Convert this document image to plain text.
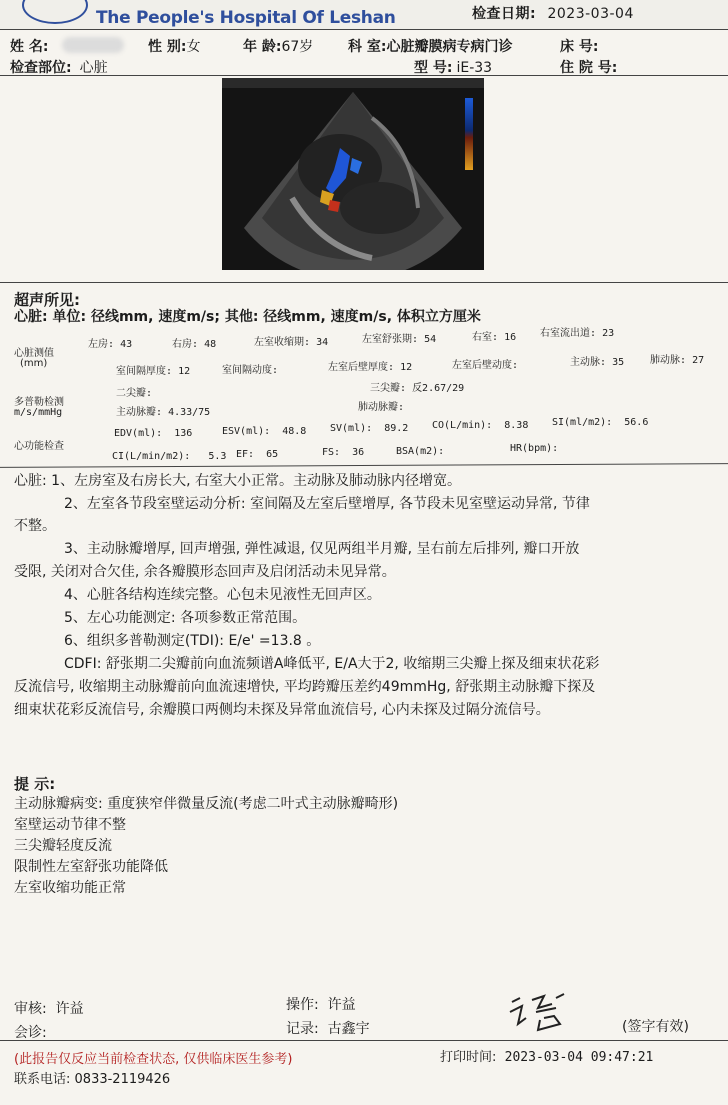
The People's Hospital Of Leshan	检查日期: 2023-03-04
姓 名:	性 别:女	年 龄:67岁 科 室:心脏瓣膜病专病门诊	床 号:
检查部位: 心脏	型 号: iE-33	住 院 号:
超声所见:
心脏: 单位: 径线mm, 速度m/s; 其他: 径线mm, 速度m/s, 体积立方厘米
心脏测值
(mm)
左房: 43	右房: 48	左室收缩期: 34	左室舒张期: 54	右室: 16 右室流出道: 23
室间隔厚度: 12	室间隔动度:	左室后壁厚度: 12	左室后壁动度:	主动脉: 35	肺动脉: 27
多普勒检测
m/s/mmHg
二尖瓣:	三尖瓣: 反2.67/29
主动脉瓣: 4.33/75	肺动脉瓣:
心功能检查
EDV(ml): 136	ESV(ml): 48.8 SV(ml): 89.2 CO(L/min): 8.38 SI(ml/m2): 56.6
CI(L/min/m2): 5.3 EF: 65	FS: 36	BSA(m2):	HR(bpm):
心脏: 1、左房室及右房长大, 右室大小正常。主动脉及肺动脉内径增宽。
2、左室各节段室壁运动分析: 室间隔及左室后壁增厚, 各节段未见室壁运动异常, 节律
不整。
3、主动脉瓣增厚, 回声增强, 弹性减退, 仅见两组半月瓣, 呈右前左后排列, 瓣口开放
受限, 关闭对合欠佳, 余各瓣膜形态回声及启闭活动未见异常。
4、心脏各结构连续完整。心包未见液性无回声区。
5、左心功能测定: 各项参数正常范围。
6、组织多普勒测定(TDI): E/e' =13.8 。
CDFI: 舒张期二尖瓣前向血流频谱A峰低平, E/A大于2, 收缩期三尖瓣上探及细束状花彩
反流信号, 收缩期主动脉瓣前向血流速增快, 平均跨瓣压差约49mmHg, 舒张期主动脉瓣下探及
细束状花彩反流信号, 余瓣膜口两侧均未探及异常血流信号, 心内未探及过隔分流信号。
提 示:
主动脉瓣病变: 重度狭窄伴微量反流(考虑二叶式主动脉瓣畸形)
室壁运动节律不整
三尖瓣轻度反流
限制性左室舒张功能降低
左室收缩功能正常
审核: 许益
会诊:
操作: 许益
记录: 古鑫宇	(签字有效)
(此报告仅反应当前检查状态, 仅供临床医生参考)	打印时间: 2023-03-04 09:47:21
联系电话: 0833-2119426
